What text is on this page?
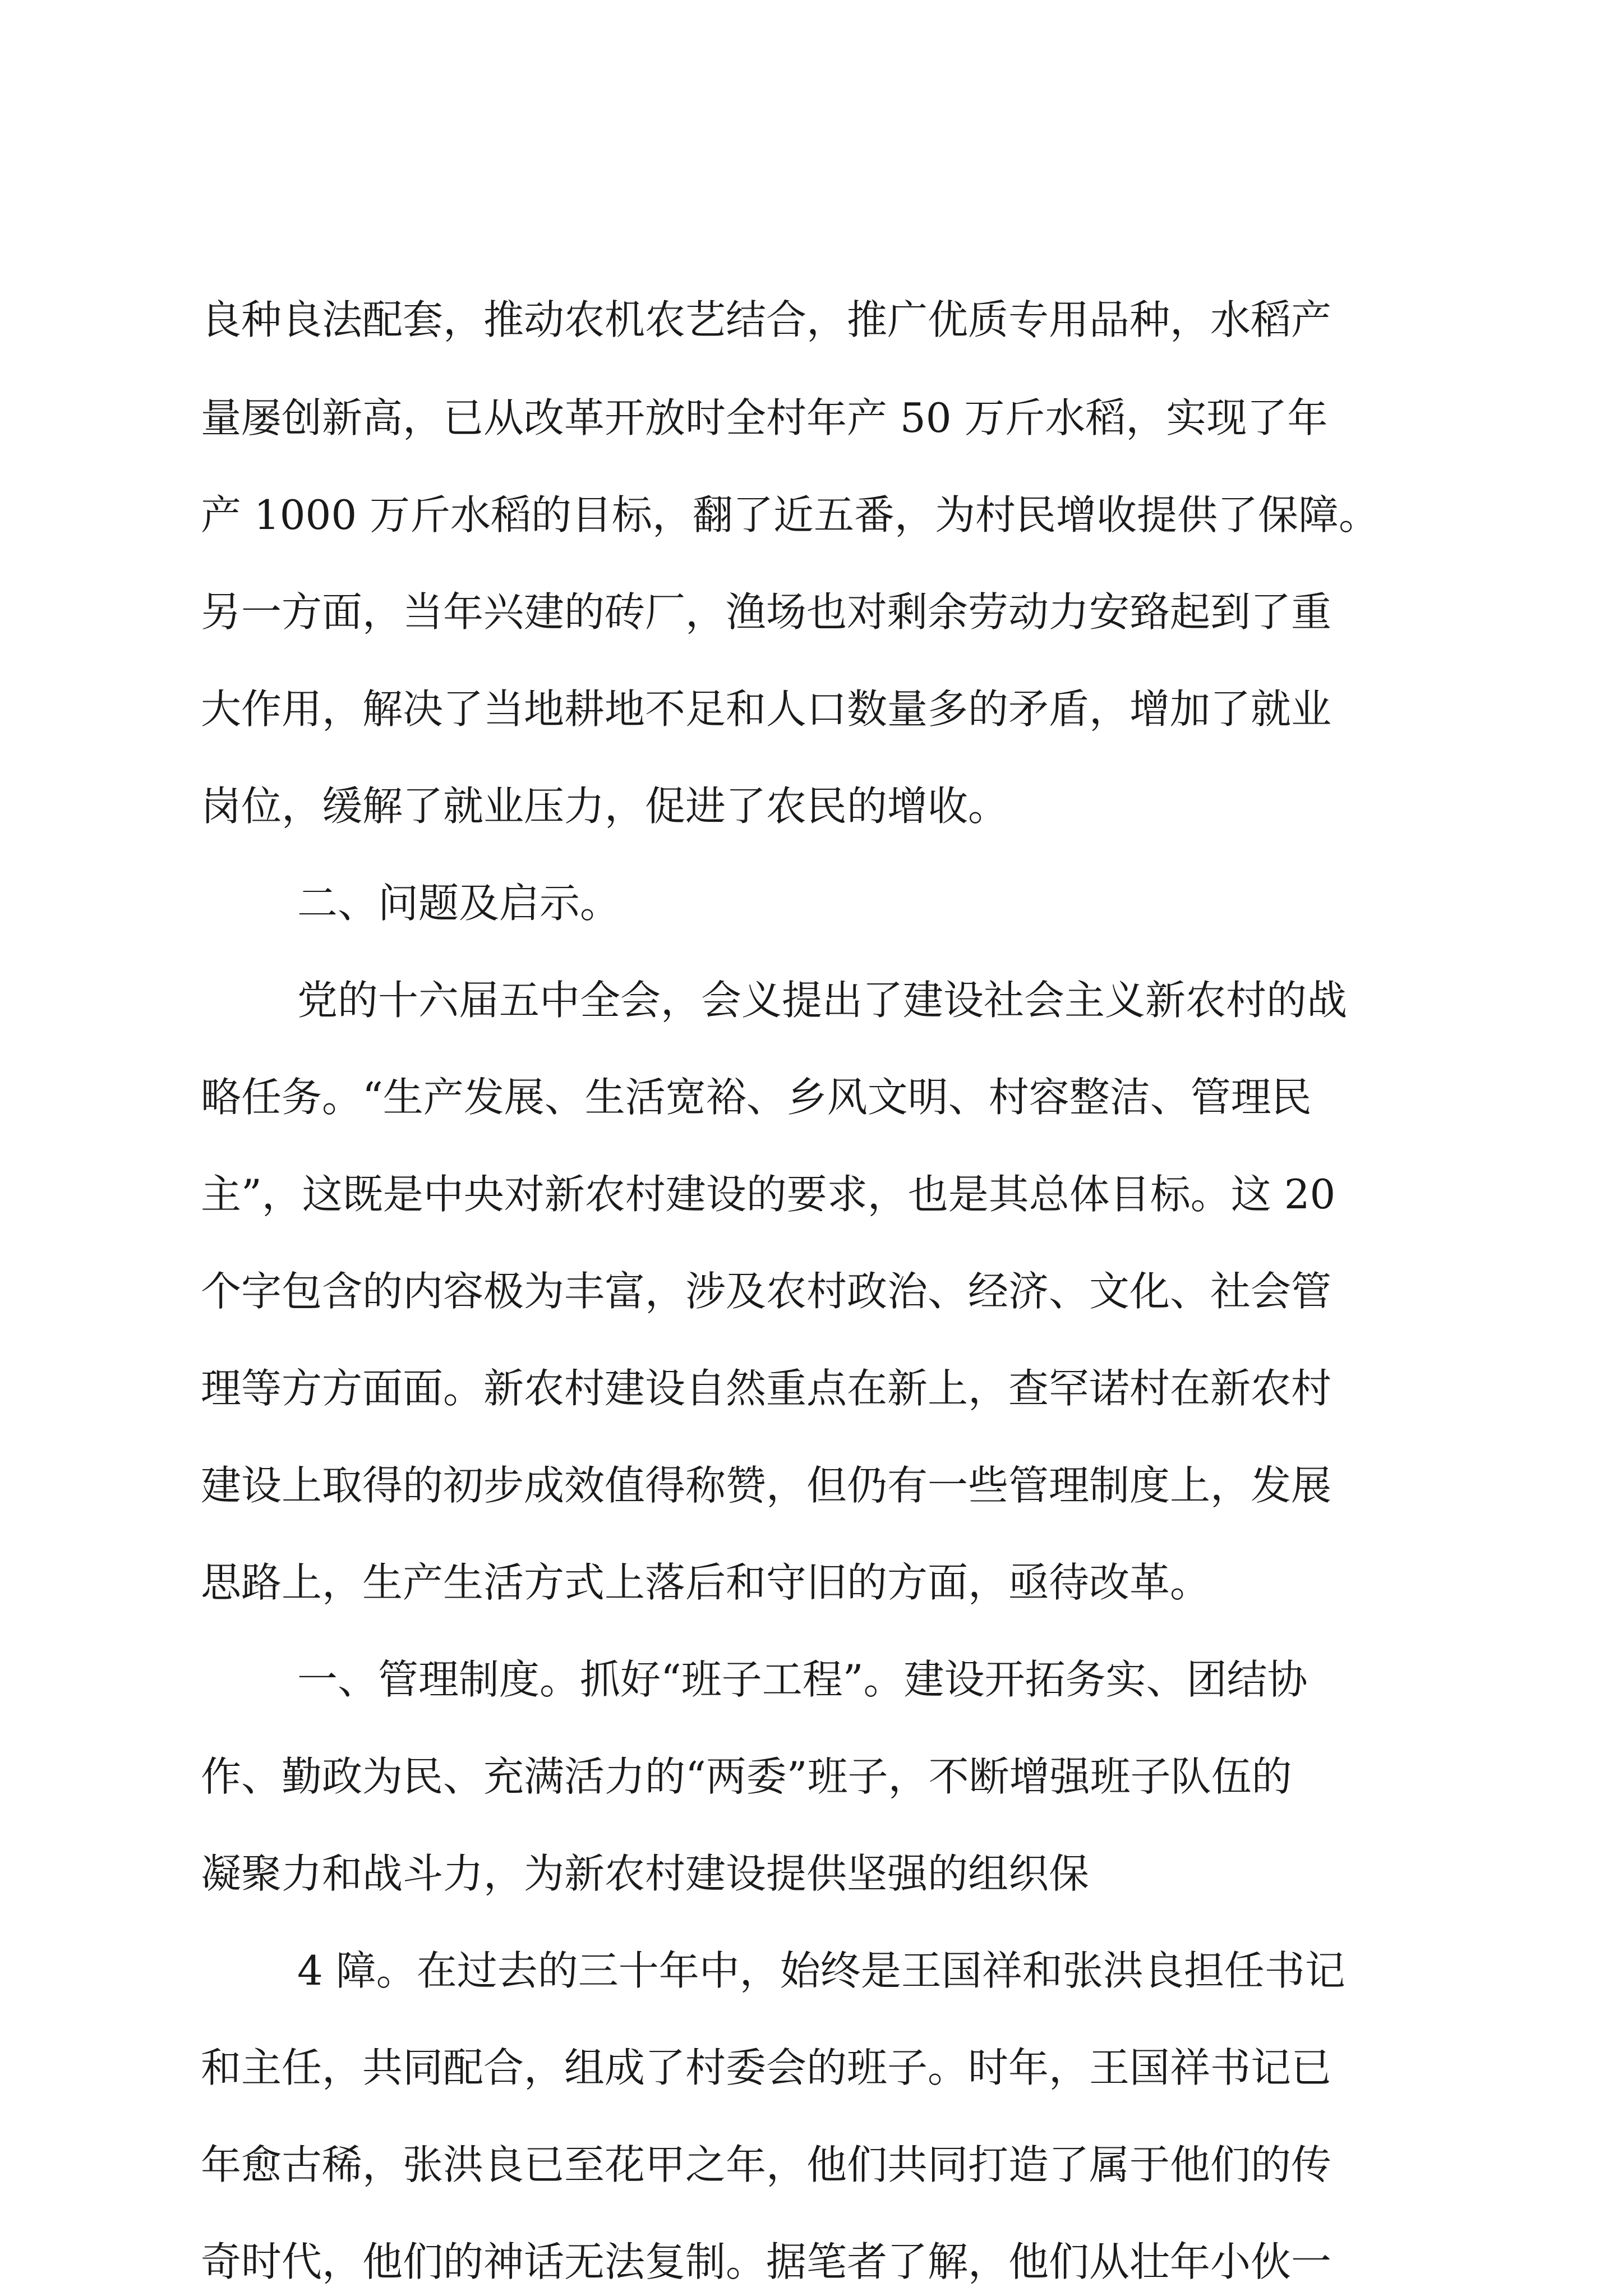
良种良法配套，推动农机农艺结合，推广优质专用品种，水稻产
量屡创新高，已从改革开放时全村年产 50 万斤水稻，实现了年
产 1000 万斤水稻的目标，翻了近五番，为村民增收提供了保障。
另一方面，当年兴建的砖厂，渔场也对剩余劳动力安臵起到了重
大作用，解决了当地耕地不足和人口数量多的矛盾，增加了就业
岗位，缓解了就业压力，促进了农民的增收。
二、问题及启示。
党的十六届五中全会，会义提出了建设社会主义新农村的战
略任务。“生产发展、生活宽裕、乡风文明、村容整洁、管理民
主”，这既是中央对新农村建设的要求，也是其总体目标。这 20
个字包含的内容极为丰富，涉及农村政治、经济、文化、社会管
理等方方面面。新农村建设自然重点在新上，查罕诺村在新农村
建设上取得的初步成效值得称赞，但仍有一些管理制度上，发展
思路上，生产生活方式上落后和守旧的方面，亟待改革。
一、管理制度。抓好“班子工程”。建设开拓务实、团结协
作、勤政为民、充满活力的“两委”班子，不断增强班子队伍的
凝聚力和战斗力，为新农村建设提供坚强的组织保
4 障。在过去的三十年中，始终是王国祥和张洪良担任书记
和主任，共同配合，组成了村委会的班子。时年，王国祥书记已
年愈古稀，张洪良已至花甲之年，他们共同打造了属于他们的传
奇时代，他们的神话无法复制。据笔者了解，他们从壮年小伙一
